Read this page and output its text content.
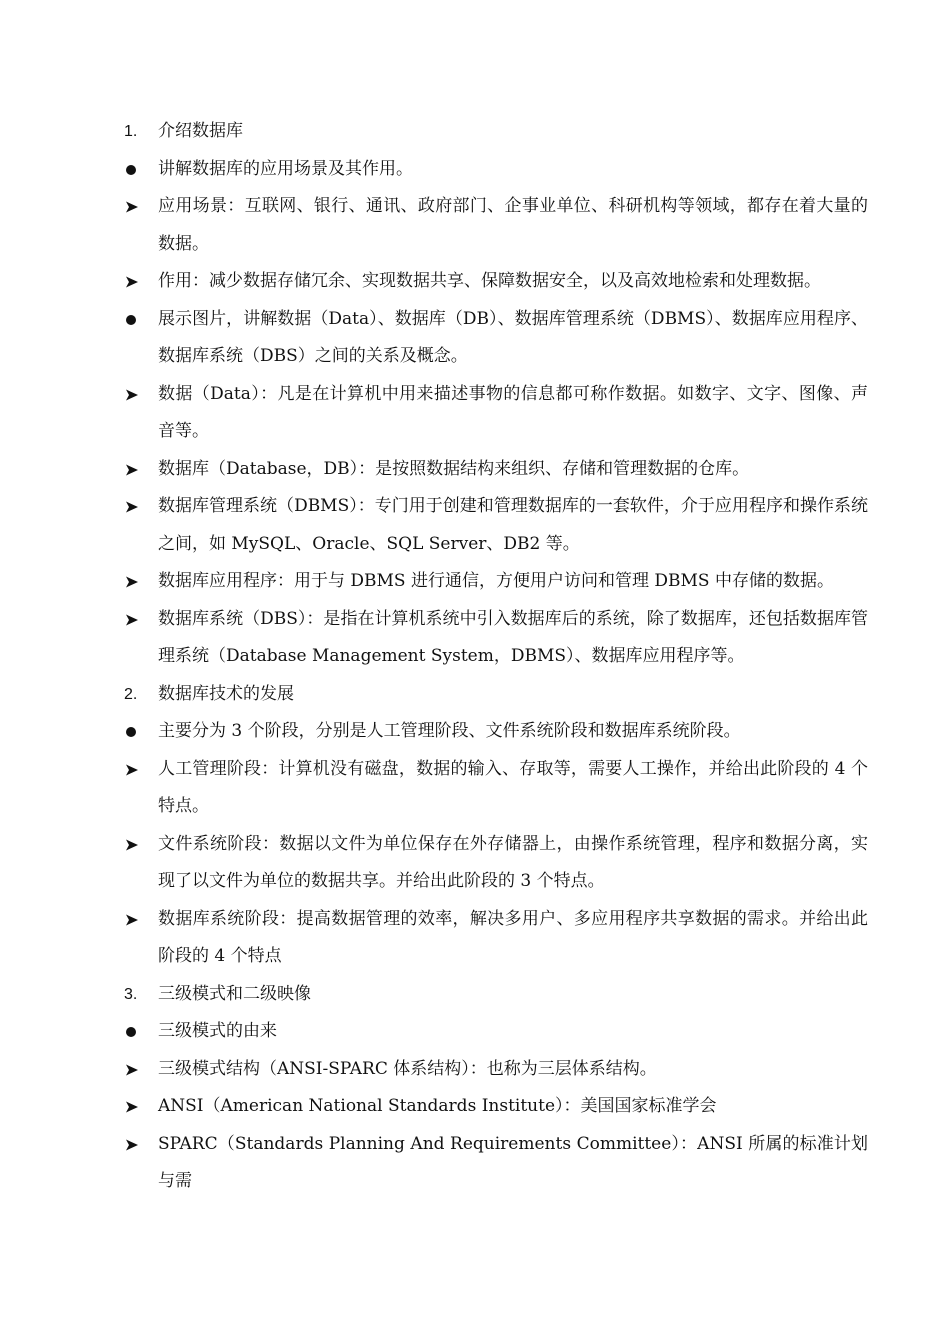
1.	介绍数据库
讲解数据库的应用场景及其作用。
应用场景：互联网、银行、通讯、政府部门、企事业单位、科研机构等领域，都存在着大量的数据。
作用：减少数据存储冗余、实现数据共享、保障数据安全，以及高效地检索和处理数据。
展示图片，讲解数据（Data）、数据库（DB）、数据库管理系统（DBMS）、数据库应用程序、数据库系统（DBS）之间的关系及概念。
数据（Data）：凡是在计算机中用来描述事物的信息都可称作数据。如数字、文字、图像、声音等。
数据库（Database，DB）：是按照数据结构来组织、存储和管理数据的仓库。
数据库管理系统（DBMS）：专门用于创建和管理数据库的一套软件，介于应用程序和操作系统之间，如 MySQL、Oracle、SQL Server、DB2 等。
数据库应用程序：用于与 DBMS 进行通信，方便用户访问和管理 DBMS 中存储的数据。
数据库系统（DBS）：是指在计算机系统中引入数据库后的系统，除了数据库，还包括数据库管理系统（Database Management System，DBMS）、数据库应用程序等。
2.	数据库技术的发展
主要分为 3 个阶段，分别是人工管理阶段、文件系统阶段和数据库系统阶段。
人工管理阶段：计算机没有磁盘，数据的输入、存取等，需要人工操作，并给出此阶段的 4 个特点。
文件系统阶段：数据以文件为单位保存在外存储器上，由操作系统管理，程序和数据分离，实现了以文件为单位的数据共享。并给出此阶段的 3 个特点。
数据库系统阶段：提高数据管理的效率，解决多用户、多应用程序共享数据的需求。并给出此阶段的 4 个特点
3.	三级模式和二级映像
三级模式的由来
三级模式结构（ANSI-SPARC 体系结构）：也称为三层体系结构。
ANSI（American National Standards Institute）：美国国家标准学会
SPARC（Standards Planning And Requirements Committee）：ANSI 所属的标准计划与需
